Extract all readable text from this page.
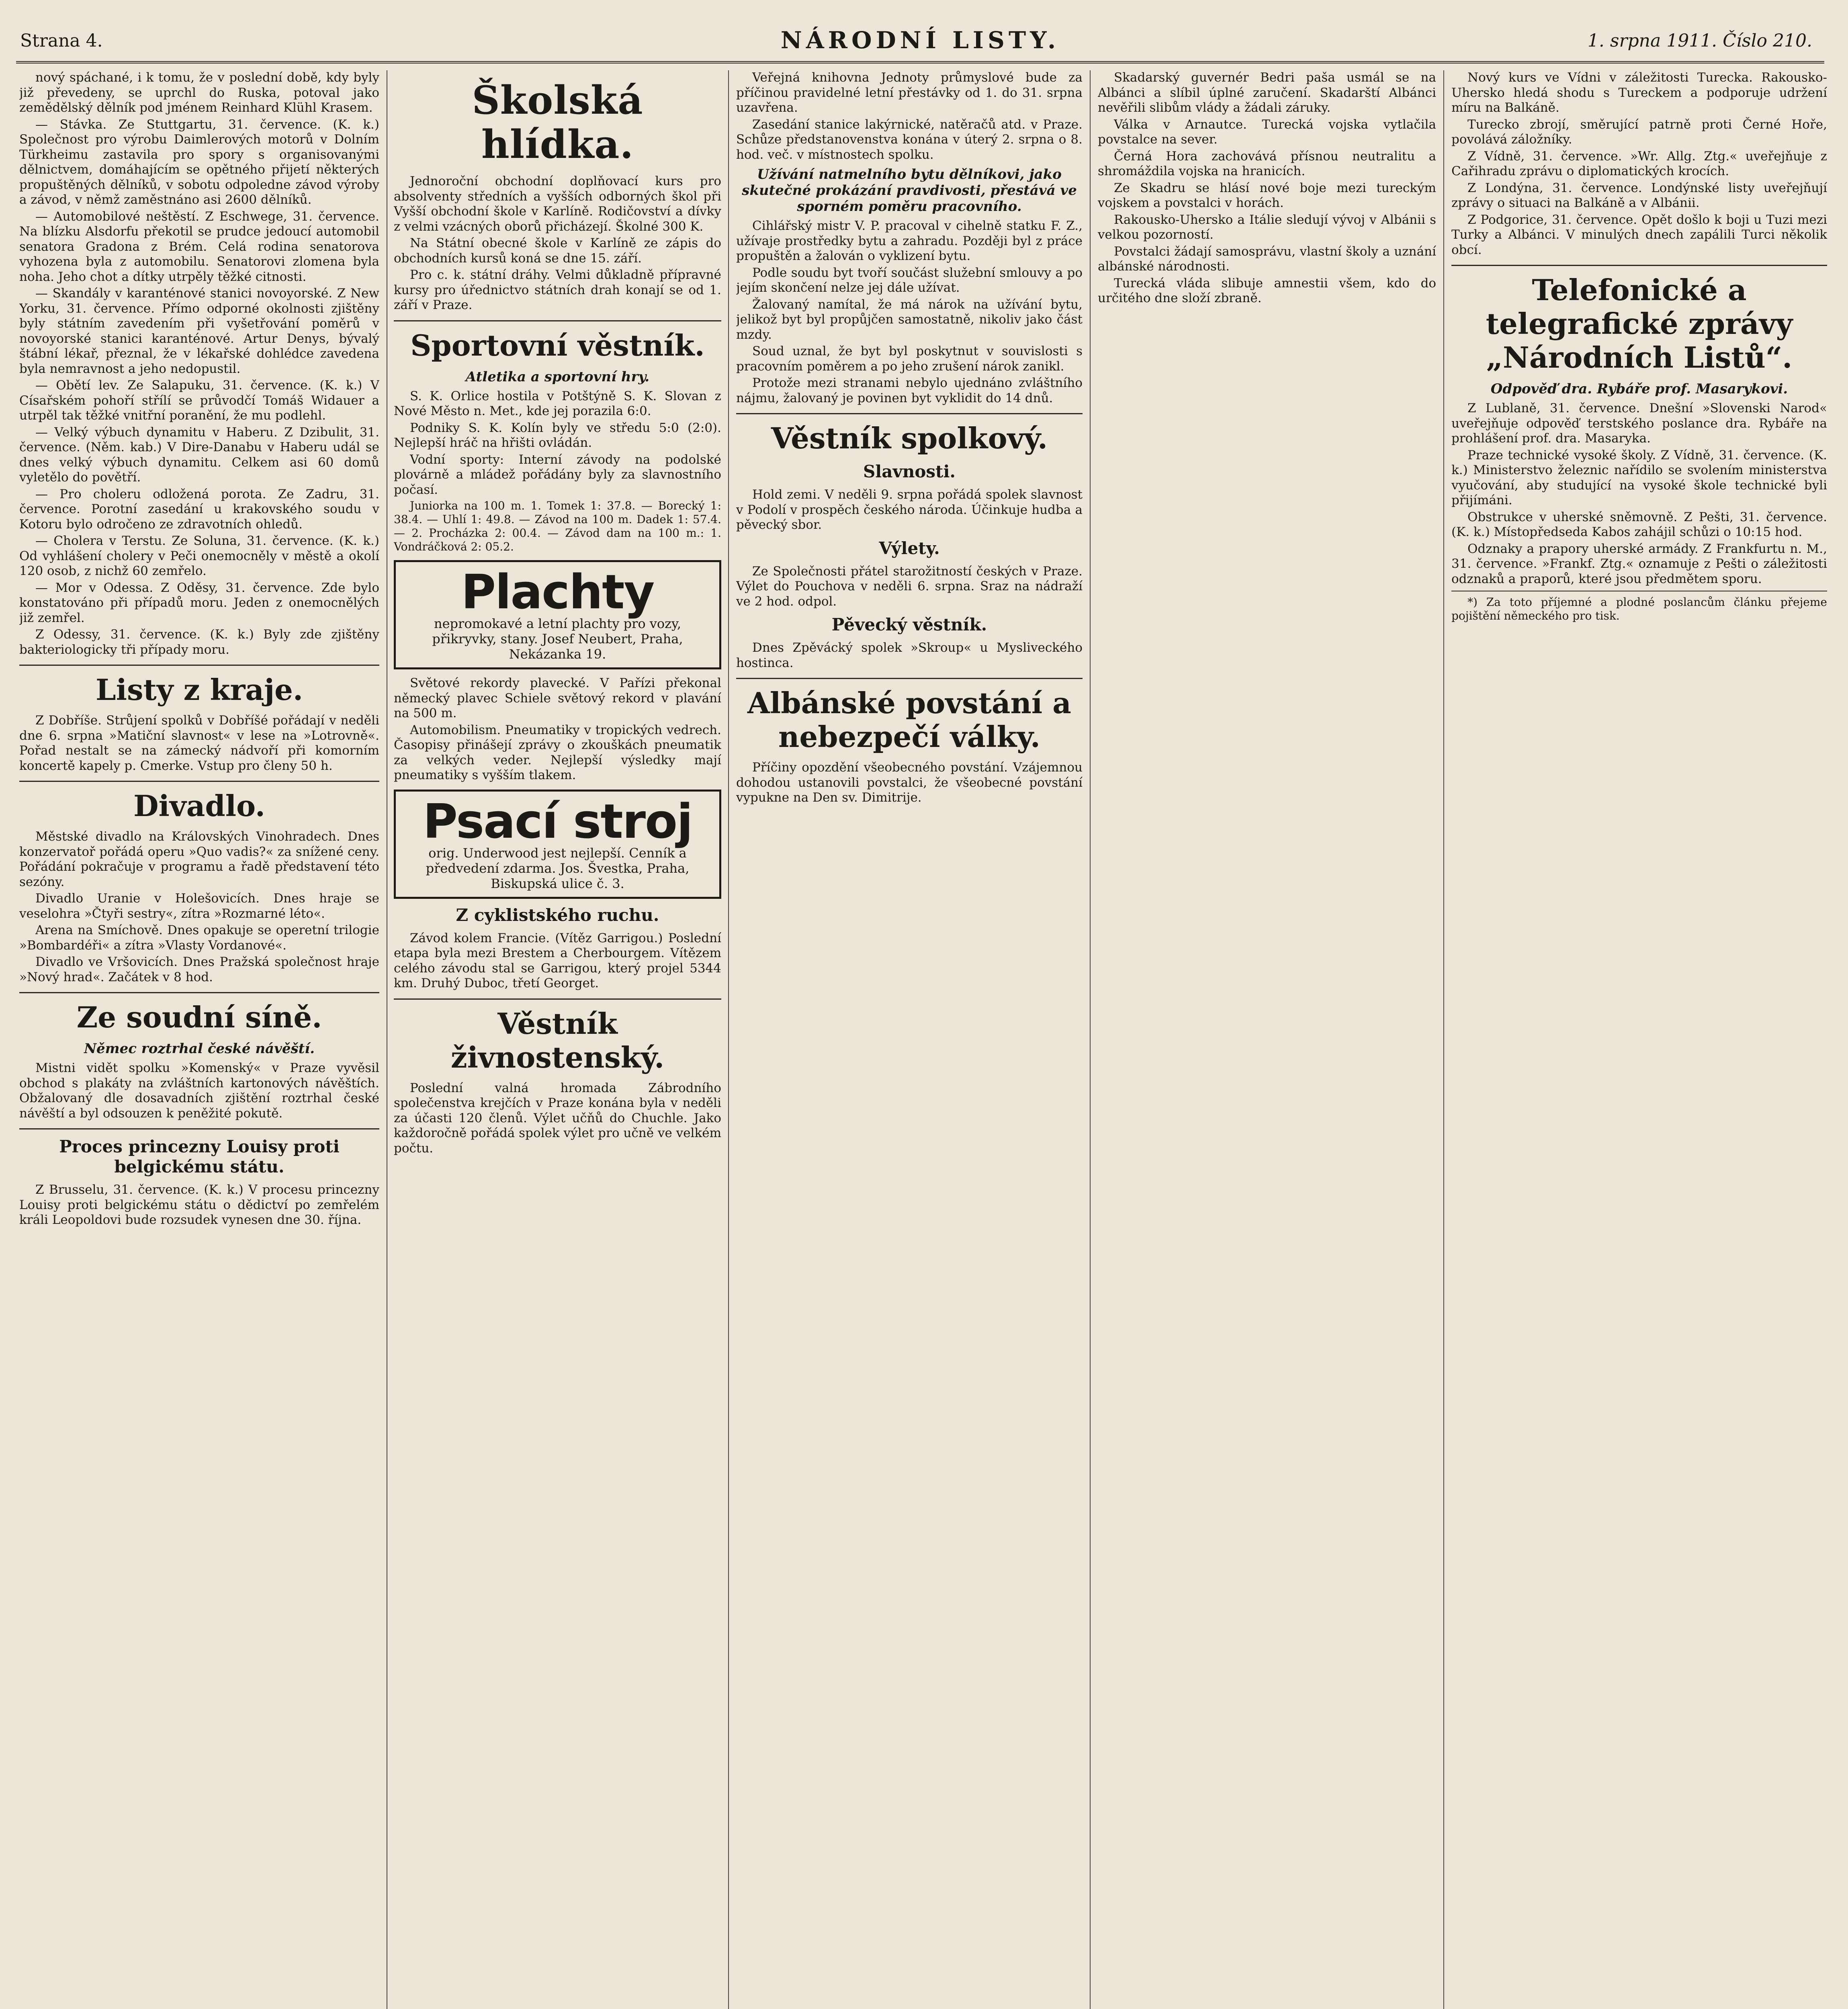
Strana 4.	NÁRODNÍ LISTY.	1. srpna 1911. Číslo 210.

nový spáchané, i k tomu, že v poslední době, kdy byly již převedeny, se uprchl do Ruska, potoval jako zemědělský dělník pod jménem Reinhard Klühl Krasem.

— Stávka. Ze Stuttgartu, 31. července. (K. k.) Společnost pro výrobu Daimlerových motorů v Dolním Türkheimu zastavila pro spory s organisovanými dělnictvem, domáhajícím se opětného přijetí některých propuštěných dělníků, v sobotu odpoledne závod výroby a závod, v němž zaměstnáno asi 2600 dělníků.

— Automobilové neštěstí. Z Eschwege, 31. července. Na blízku Alsdorfu překotil se prudce jedoucí automobil senatora Gradona z Brém. Celá rodina senatorova vyhozena byla z automobilu. Senatorovi zlomena byla noha. Jeho chot a dítky utrpěly těžké citnosti.

— Skandály v karanténové stanici novoyorské. Z New Yorku, 31. července. Přímo odporné okolnosti zjištěny byly státním zavedením při vyšetřování poměrů v novoyorské stanici karanténové. Artur Denys, bývalý štábní lékař, přeznal, že v lékařské dohlédce zavedena byla nemravnost a jeho nedopustil.

— Obětí lev. Ze Salapuku, 31. července. (K. k.) V Císařském pohoří střílí se průvodčí Tomáš Widauer a utrpěl tak těžké vnitřní poranění, že mu podlehl.

— Velký výbuch dynamitu v Haberu. Z Dzibulit, 31. července. (Něm. kab.) V Dire-Danabu v Haberu udál se dnes velký výbuch dynamitu. Celkem asi 60 domů vyletělo do povětří.

— Pro choleru odložená porota. Ze Zadru, 31. července. Porotní zasedání u krakovského soudu v Kotoru bylo odročeno ze zdravotních ohledů.

— Cholera v Terstu. Ze Soluna, 31. července. (K. k.) Od vyhlášení cholery v Peči onemocněly v městě a okolí 120 osob, z nichž 60 zemřelo.

— Mor v Odessa. Z Oděsy, 31. července. Zde bylo konstatováno při případů moru. Jeden z onemocnělých již zemřel.

Z Odessy, 31. července. (K. k.) Byly zde zjištěny bakteriologicky tři případy moru.

Listy z kraje.

Z Dobříše. Strůjení spolků v Dobříšé pořádají v neděli dne 6. srpna »Matiční slavnost« v lese na »Lotrovně«. Pořad nestalt se na zámecký nádvoří při komorním koncertě kapely p. Cmerke. Vstup pro členy 50 h.

Divadlo.

Městské divadlo na Královských Vinohradech. Dnes konzervatoř pořádá operu »Quo vadis?« za snížené ceny. Pořádání pokračuje v programu a řadě představení této sezóny.

Divadlo Uranie v Holešovicích. Dnes hraje se veselohra »Čtyři sestry«, zítra »Rozmarné léto«.

Arena na Smíchově. Dnes opakuje se operetní trilogie »Bombardéři« a zítra »Vlasty Vordanové«.

Divadlo ve Vršovicích. Dnes Pražská společnost hraje »Nový hrad«. Začátek v 8 hod.

Ze soudní síně.
Němec roztrhal české návěští.

Mistni vidět spolku »Komenský« v Praze vyvěsil obchod s plakáty na zvláštních kartonových návěštích. Obžalovaný dle dosavadních zjištění roztrhal české návěští a byl odsouzen k peněžité pokutě.

Proces princezny Louisy proti belgickému státu.

Z Brusselu, 31. července. (K. k.) V procesu princezny Louisy proti belgickému státu o dědictví po zemřelém králi Leopoldovi bude rozsudek vynesen dne 30. října.

Školská hlídka.

Jednoroční obchodní doplňovací kurs pro absolventy středních a vyšších odborných škol při Vyšší obchodní škole v Karlíně. Rodičovství a dívky z velmi vzácných oborů přicházejí. Školné 300 K.

Na Státní obecné škole v Karlíně ze zápis do obchodních kursů koná se dne 15. září.

Pro c. k. státní dráhy. Velmi důkladně přípravné kursy pro úřednictvo státních drah konají se od 1. září v Praze.

Sportovní věstník.
Atletika a sportovní hry.

S. K. Orlice hostila v Potštýně S. K. Slovan z Nové Město n. Met., kde jej porazila 6:0.

Podniky S. K. Kolín byly ve středu 5:0 (2:0). Nejlepší hráč na hřišti ovládán.

Vodní sporty: Interní závody na podolské plovárně a mládež pořádány byly za slavnostního počasí.

Juniorka na 100 m. 1. Tomek 1: 37.8. — Borecký 1: 38.4. — Uhlí 1: 49.8. — Závod na 100 m. Dadek 1: 57.4. — 2. Procházka 2: 00.4. — Závod dam na 100 m.: 1. Vondráčková 2: 05.2.

Plachty
nepromokavé a letní plachty pro vozy, přikryvky, stany. Josef Neubert, Praha, Nekázanka 19.

Světové rekordy plavecké. V Pařízi překonal německý plavec Schiele světový rekord v plavání na 500 m.

Automobilism. Pneumatiky v tropických vedrech. Časopisy přinášejí zprávy o zkouškách pneumatik za velkých veder. Nejlepší výsledky mají pneumatiky s vyšším tlakem.

Psací stroj
orig. Underwood jest nejlepší. Cenník a předvedení zdarma. Jos. Švestka, Praha, Biskupská ulice č. 3.
Z cyklistského ruchu.

Závod kolem Francie. (Vítěz Garrigou.) Poslední etapa byla mezi Brestem a Cherbourgem. Vítězem celého závodu stal se Garrigou, který projel 5344 km. Druhý Duboc, třetí Georget.

Věstník živnostenský.

Poslední valná hromada Zábrodního společenstva krejčích v Praze konána byla v neděli za účasti 120 členů. Výlet učňů do Chuchle. Jako každoročně pořádá spolek výlet pro učně ve velkém počtu.

Veřejná knihovna Jednoty průmyslové bude za příčinou pravidelné letní přestávky od 1. do 31. srpna uzavřena.

Zasedání stanice lakýrnické, natěračů atd. v Praze. Schůze předstanovenstva konána v úterý 2. srpna o 8. hod. več. v místnostech spolku.

Užívání natmelního bytu dělníkovi, jako skutečné prokázání pravdivosti, přestává ve sporném poměru pracovního.

Cihlářský mistr V. P. pracoval v cihelně statku F. Z., užívaje prostředky bytu a zahradu. Později byl z práce propuštěn a žalován o vyklizení bytu.

Podle soudu byt tvoří součást služební smlouvy a po jejím skončení nelze jej dále užívat.

Žalovaný namítal, že má nárok na užívání bytu, jelikož byt byl propůjčen samostatně, nikoliv jako část mzdy.

Soud uznal, že byt byl poskytnut v souvislosti s pracovním poměrem a po jeho zrušení nárok zanikl.

Protože mezi stranami nebylo ujednáno zvláštního nájmu, žalovaný je povinen byt vyklidit do 14 dnů.

Věstník spolkový.
Slavnosti.

Hold zemi. V neděli 9. srpna pořádá spolek slavnost v Podolí v prospěch českého národa. Účinkuje hudba a pěvecký sbor.

Výlety.

Ze Společnosti přátel starožitností českých v Praze. Výlet do Pouchova v neděli 6. srpna. Sraz na nádraží ve 2 hod. odpol.

Pěvecký věstník.

Dnes Zpěvácký spolek »Skroup« u Mysliveckého hostinca.

Albánské povstání a nebezpečí války.

Příčiny opozdění všeobecného povstání. Vzájemnou dohodou ustanovili povstalci, že všeobecné povstání vypukne na Den sv. Dimitrije.

Skadarský guvernér Bedri paša usmál se na Albánci a slíbil úplné zaručení. Skadarští Albánci nevěřili slibům vlády a žádali záruky.

Válka v Arnautce. Turecká vojska vytlačila povstalce na sever.

Černá Hora zachovává přísnou neutralitu a shromáždila vojska na hranicích.

Ze Skadru se hlásí nové boje mezi tureckým vojskem a povstalci v horách.

Rakousko-Uhersko a Itálie sledují vývoj v Albánii s velkou pozorností.

Povstalci žádají samosprávu, vlastní školy a uznání albánské národnosti.

Turecká vláda slibuje amnestii všem, kdo do určitého dne složí zbraně.

Nový kurs ve Vídni v záležitosti Turecka. Rakousko-Uhersko hledá shodu s Tureckem a podporuje udržení míru na Balkáně.

Turecko zbrojí, směrující patrně proti Černé Hoře, povolává záložníky.

Z Vídně, 31. července. »Wr. Allg. Ztg.« uveřejňuje z Cařihradu zprávu o diplomatických krocích.

Z Londýna, 31. července. Londýnské listy uveřejňují zprávy o situaci na Balkáně a v Albánii.

Z Podgorice, 31. července. Opět došlo k boji u Tuzi mezi Turky a Albánci. V minulých dnech zapálili Turci několik obcí.

Telefonické a telegrafické zprávy „Národních Listů“.
Odpověď dra. Rybáře prof. Masarykovi.

Z Lublaně, 31. července. Dnešní »Slovenski Narod« uveřejňuje odpověď terstského poslance dra. Rybáře na prohlášení prof. dra. Masaryka.

Praze technické vysoké školy. Z Vídně, 31. července. (K. k.) Ministerstvo železnic nařídilo se svolením ministerstva vyučování, aby studující na vysoké škole technické byli přijímáni.

Obstrukce v uherské sněmovně. Z Pešti, 31. července. (K. k.) Místopředseda Kabos zahájil schůzi o 10:15 hod.

Odznaky a prapory uherské armády. Z Frankfurtu n. M., 31. července. »Frankf. Ztg.« oznamuje z Pešti o záležitosti odznaků a praporů, které jsou předmětem sporu.

*) Za toto příjemné a plodné poslancům článku přejeme pojištění německého pro tisk.
